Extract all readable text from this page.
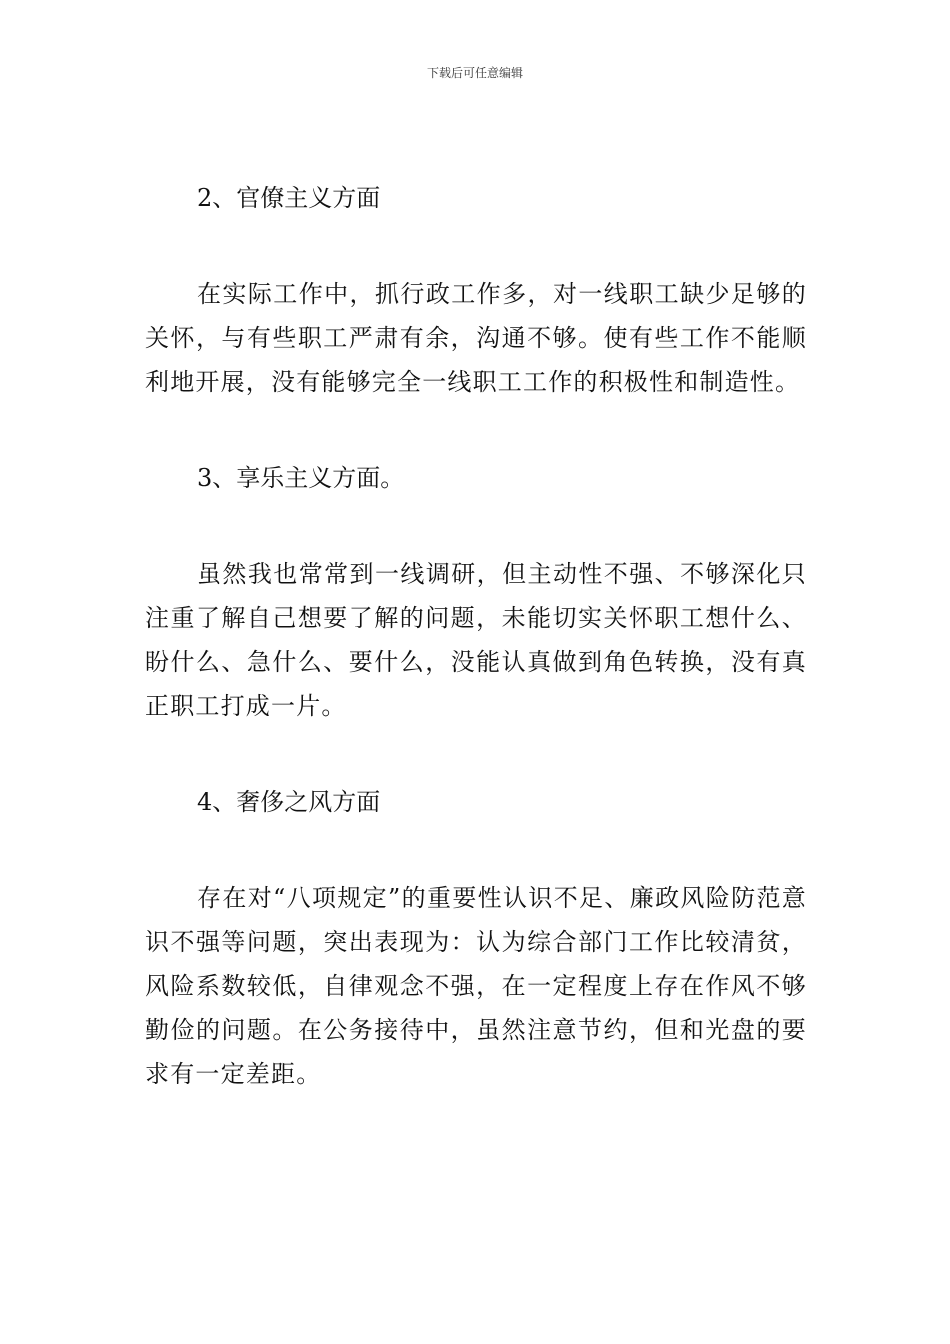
下载后可任意编辑

2、官僚主义方面

在实际工作中，抓行政工作多，对一线职工缺少足够的关怀，与有些职工严肃有余，沟通不够。使有些工作不能顺利地开展，没有能够完全一线职工工作的积极性和制造性。

3、享乐主义方面。

虽然我也常常到一线调研，但主动性不强、不够深化只注重了解自己想要了解的问题，未能切实关怀职工想什么、盼什么、急什么、要什么，没能认真做到角色转换，没有真正职工打成一片。

4、奢侈之风方面

存在对“八项规定”的重要性认识不足、廉政风险防范意识不强等问题，突出表现为：认为综合部门工作比较清贫，风险系数较低，自律观念不强，在一定程度上存在作风不够勤俭的问题。在公务接待中，虽然注意节约，但和光盘的要求有一定差距。
